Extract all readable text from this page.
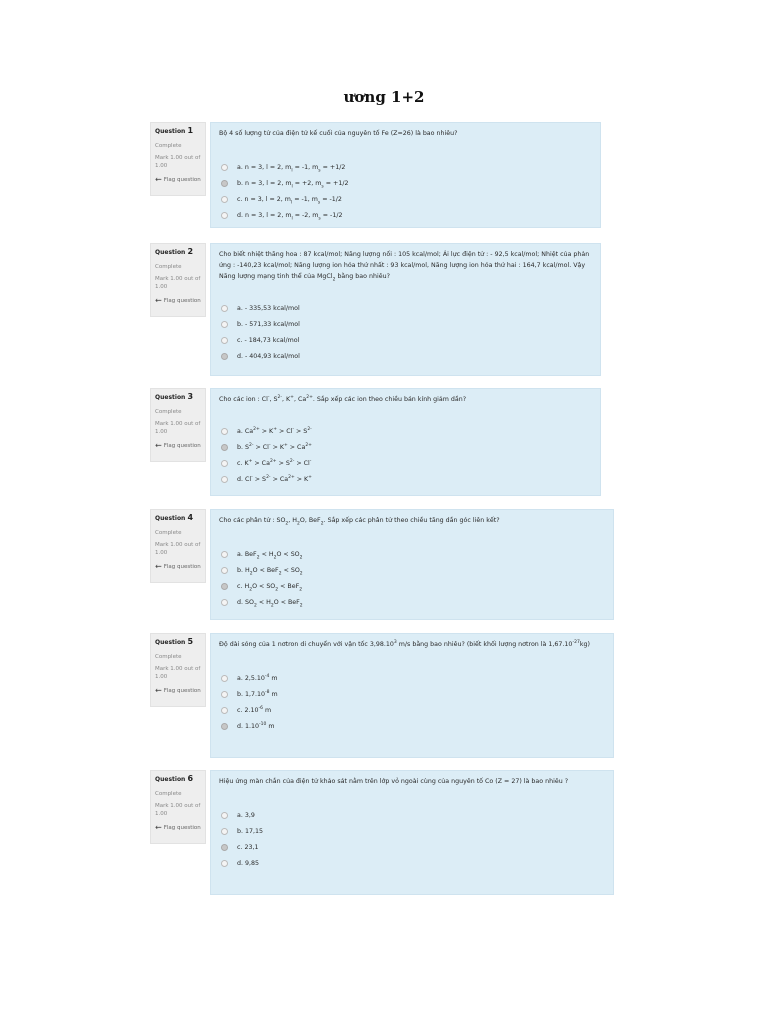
ương 1+2
Question 1
Complete
Mark 1.00 out of 1.00
⇜ Flag question
Bộ 4 số lượng tử của điện tử kế cuối của nguyên tố Fe (Z=26) là bao nhiêu?
a. n = 3, l = 2, $m_l = -1$, $m_s = +1/2$
b. n = 3, l = 2, $m_l = +2$, $m_s = +1/2$
c. n = 3, l = 2, $m_l = -1$, $m_s = -1/2$
d. n = 3, l = 2, $m_l = -2$, $m_s = -1/2$
Question 2
Complete
Mark 1.00 out of 1.00
⇜ Flag question
Cho biết nhiệt thăng hoa : 87 kcal/mol; Năng lượng nối : 105 kcal/mol; Ái lực điện tử : - 92,5 kcal/mol; Nhiệt của phản ứng : -140,23 kcal/mol; Năng lượng ion hóa thứ nhất : 93 kcal/mol, Năng lượng ion hóa thứ hai : 164,7 kcal/mol. Vậy Năng lượng mạng tinh thể của MgCl$_2$ bằng bao nhiêu?
a. - 335,53 kcal/mol
b. - 571,33 kcal/mol
c. - 184,73 kcal/mol
d. - 404,93 kcal/mol
Question 3
Complete
Mark 1.00 out of 1.00
⇜ Flag question
Cho các ion : Cl-, $S^{2-}$, K+, $Ca^{2+}$. Sắp xếp các ion theo chiều bán kính giảm dần?
a. $Ca^{2+} > K^+ > Cl^- > S^{2-}$
b. $S^{2-} > Cl^- > K^+ > Ca^{2+}$
c. $K^+ > Ca^{2+} > S^{2-} > Cl^-$
d. $Cl^- > S^{2-} > Ca^{2+} > K^+$
Question 4
Complete
Mark 1.00 out of 1.00
⇜ Flag question
Cho các phân tử : $SO_2$, $H_2O$, BeF$_2$. Sắp xếp các phân tử theo chiều tăng dần góc liên kết?
a. $BeF_2 < H_2O < SO_2$
b. $H_2O < BeF_2 < SO_2$
c. $H_2O < SO_2 < BeF_2$
d. $SO_2 < H_2O < BeF_2$
Question 5
Complete
Mark 1.00 out of 1.00
⇜ Flag question
Độ dài sóng của 1 nơtron di chuyển với vận tốc 3,98.10$^3$ m/s bằng bao nhiêu? (biết khối lượng nơtron là $1,67.10^{-27}kg$)
a. $2,5.10^{-4}$ m
b. $1,7.10^{-8}$ m
c. $2.10^{-6}$ m
d. $1.10^{-10}$ m
Question 6
Complete
Mark 1.00 out of 1.00
⇜ Flag question
Hiệu ứng màn chắn của điện tử khảo sát nằm trên lớp vỏ ngoài cùng của nguyên tố Co (Z = 27) là bao nhiêu ?
a. 3,9
b. 17,15
c. 23,1
d. 9,85
